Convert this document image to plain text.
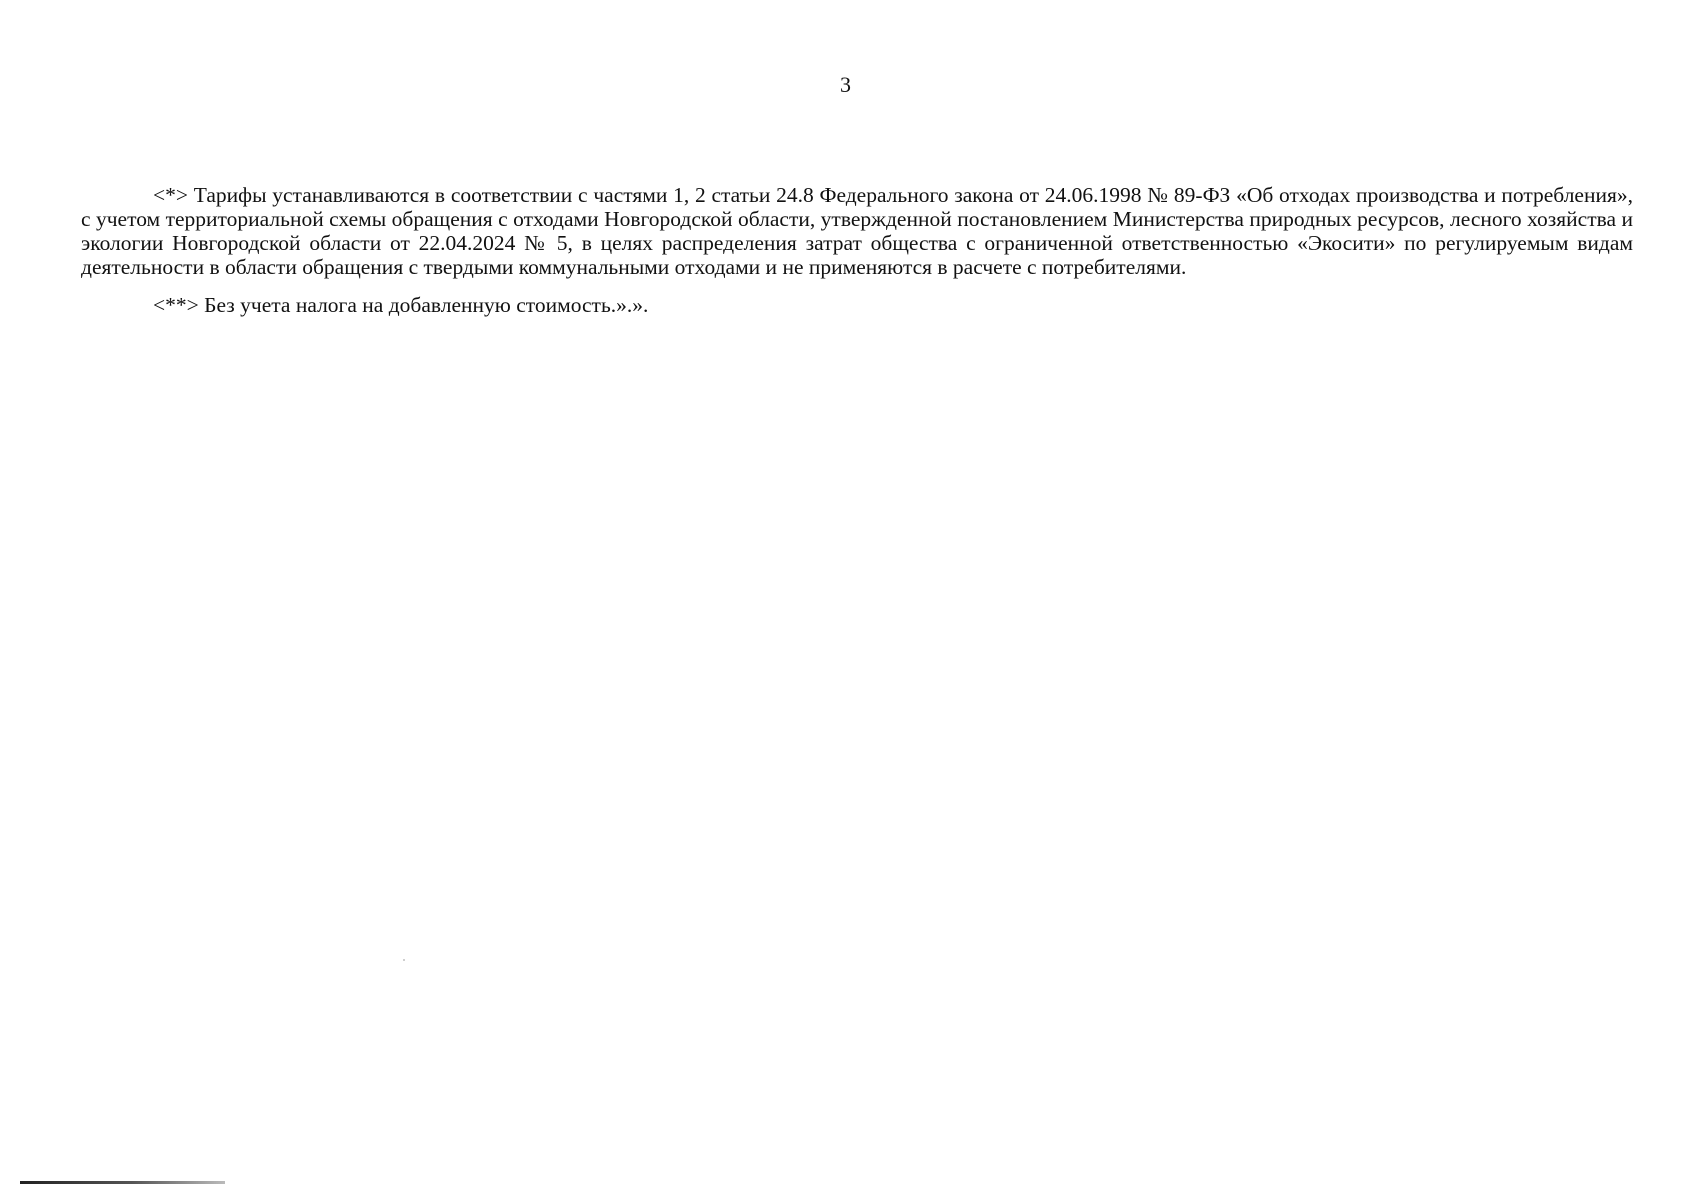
3

<*> Тарифы устанавливаются в соответствии с частями 1, 2 статьи 24.8 Федерального закона от 24.06.1998 № 89-ФЗ «Об отходах производства и потребления», с учетом территориальной схемы обращения с отходами Новгородской области, утвержденной постановлением Министерства природных ресурсов, лесного хозяйства и экологии Новгородской области от 22.04.2024 № 5, в целях распределения затрат общества с ограниченной ответственностью «Экосити» по регулируемым видам деятельности в области обращения с твердыми коммунальными отходами и не применяются в расчете с потребителями.

<**> Без учета налога на добавленную стоимость.».».
